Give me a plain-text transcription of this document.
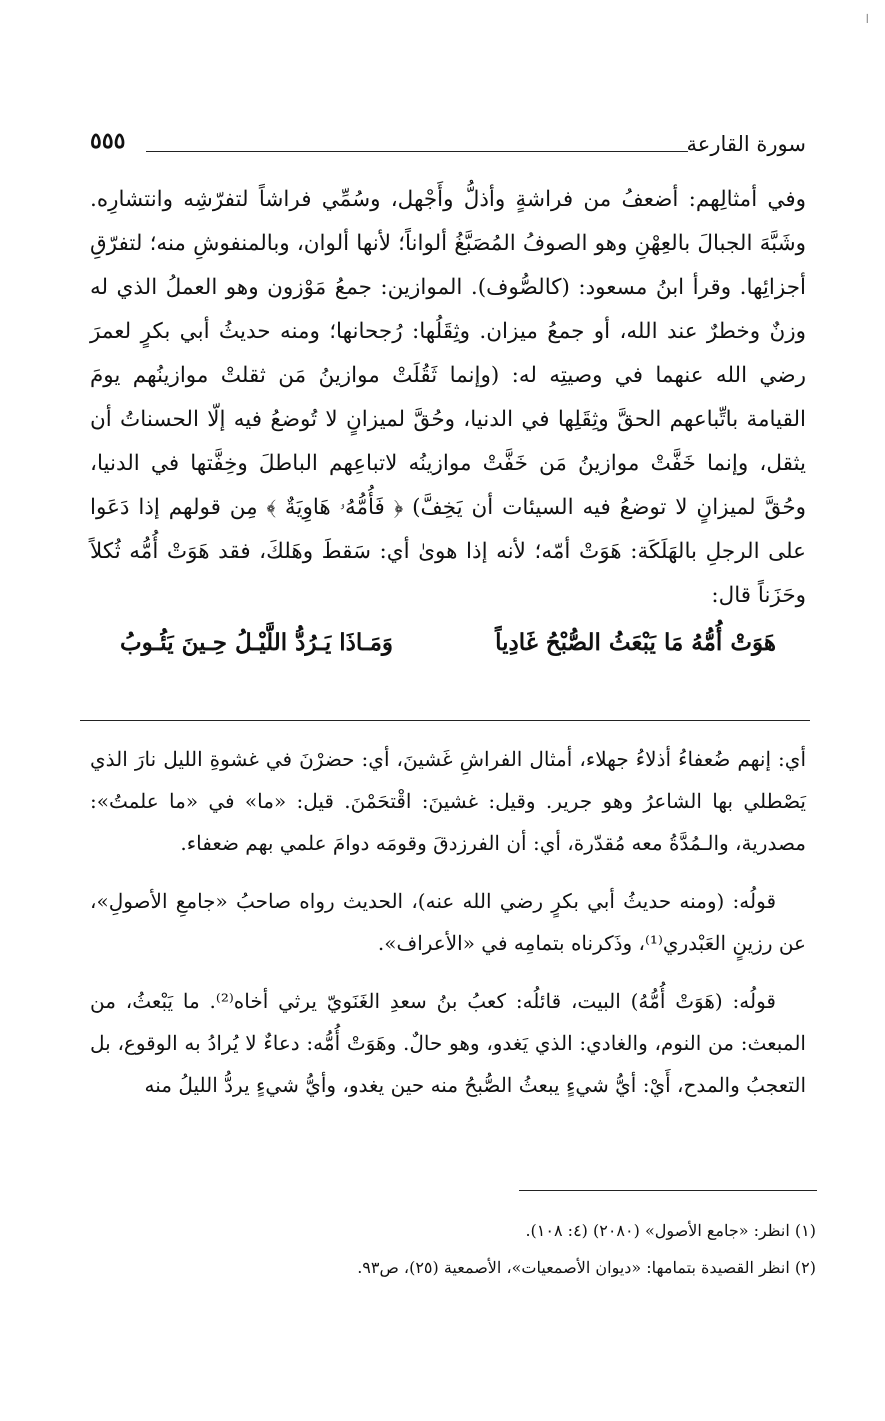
ا
سورة القارعة
٥٥٥

وفي أمثالِهم: أضعفُ من فراشةٍ وأذلُّ وأَجْهل، وسُمِّي فراشاً لتفرّشِه وانتشارِه. وشَبَّهَ الجبالَ بالعِهْنِ وهو الصوفُ المُصَبَّغُ ألواناً؛ لأنها ألوان، وبالمنفوشِ منه؛ لتفرّقِ أجزائِها. وقرأ ابنُ مسعود: (كالصُّوف). الموازين: جمعُ مَوْزون وهو العملُ الذي له وزنٌ وخطرٌ عند الله، أو جمعُ ميزان. وثِقَلُها: رُجحانها؛ ومنه حديثُ أبي بكرٍ لعمرَ رضي الله عنهما في وصيتِه له: (وإنما ثَقُلَتْ موازينُ مَن ثقلتْ موازينُهم يومَ القيامة باتِّباعهم الحقَّ وثِقَلِها في الدنيا، وحُقَّ لميزانٍ لا تُوضعُ فيه إلّا الحسناتُ أن يثقل، وإنما خَفَّتْ موازينُ مَن خَفَّتْ موازينُه لاتباعِهم الباطلَ وخِفَّتها في الدنيا، وحُقَّ لميزانٍ لا توضعُ فيه السيئات أن يَخِفَّ) ﴿ فَأُمُّهُۥ هَاوِيَةٌ ﴾ مِن قولهم إذا دَعَوا على الرجلِ بالهَلَكَة: هَوَتْ أمّه؛ لأنه إذا هوىٰ أي: سَقطَ وهَلكَ، فقد هَوَتْ أُمُّه ثُكلاً وحَزَناً قال:

هَوَتْ أُمُّهُ مَا يَبْعَثُ الصُّبْحُ غَادِياً
وَمَـاذَا يَـرُدُّ اللَّيْـلُ حِـينَ يَئُـوبُ

أي: إنهم ضُعفاءُ أذلاءُ جهلاء، أمثال الفراشِ غَشينَ، أي: حضرْنَ في غشوةِ الليل نارَ الذي يَصْطلي بها الشاعرُ وهو جرير. وقيل: غشينَ: اقْتحَمْنَ. قيل: «ما» في «ما علمتُ»: مصدرية، والـمُدَّةُ معه مُقدّرة، أي: أن الفرزدقَ وقومَه دوامَ علمي بهم ضعفاء.

قولُه: (ومنه حديثُ أبي بكرٍ رضي الله عنه)، الحديث رواه صاحبُ «جامعِ الأصولِ»، عن رزينٍ العَبْدري⁽¹⁾، وذَكرناه بتمامِه في «الأعراف».

قولُه: (هَوَتْ أُمُّهُ) البيت، قائلُه: كعبُ بنُ سعدِ الغَنَويّ يرثي أخاه⁽²⁾. ما يَبْعثُ، من المبعث: من النوم، والغادي: الذي يَغدو، وهو حالٌ. وهَوَتْ أُمُّه: دعاءٌ لا يُرادُ به الوقوع، بل التعجبُ والمدح، أَيْ: أيُّ شيءٍ يبعثُ الصُّبحُ منه حين يغدو، وأيُّ شيءٍ يردُّ الليلُ منه

(١) انظر: «جامع الأصول» (٢٠٨٠) (٤: ١٠٨).
(٢) انظر القصيدة بتمامها: «ديوان الأصمعيات»، الأصمعية (٢٥)، ص٩٣.
